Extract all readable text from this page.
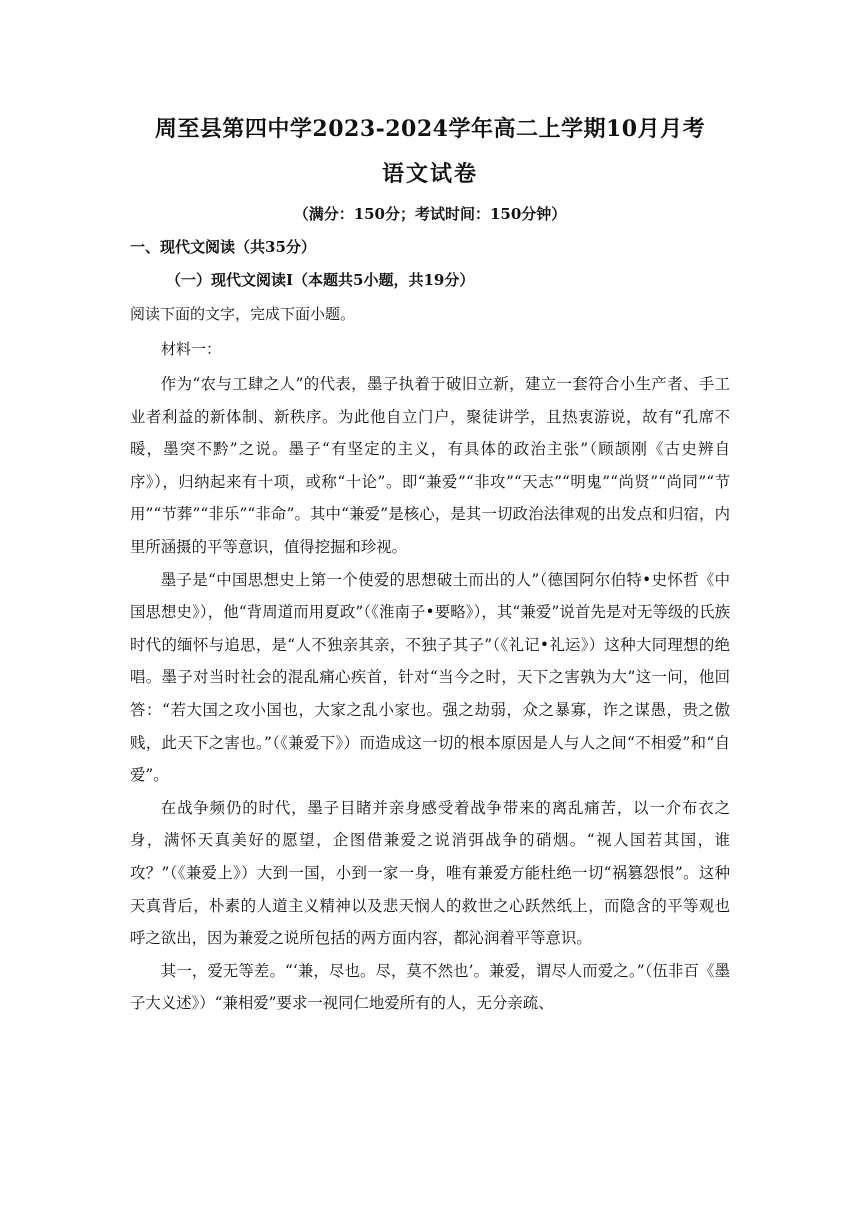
周至县第四中学2023-2024学年高二上学期10月月考
语文试卷
（满分：150分；考试时间：150分钟）
一、现代文阅读（共35分）
（一）现代文阅读Ⅰ（本题共5小题，共19分）
阅读下面的文字，完成下面小题。
材料一：

作为“农与工肆之人”的代表，墨子执着于破旧立新，建立一套符合小生产者、手工业者利益的新体制、新秩序。为此他自立门户，聚徒讲学，且热衷游说，故有“孔席不暖，墨突不黔”之说。墨子“有坚定的主义，有具体的政治主张”（顾颉刚《古史辨自序》），归纳起来有十项，或称“十论”。即“兼爱”“非攻”“天志”“明鬼”“尚贤”“尚同”“节用”“节葬”“非乐”“非命”。其中“兼爱”是核心，是其一切政治法律观的出发点和归宿，内里所涵摄的平等意识，值得挖掘和珍视。

墨子是“中国思想史上第一个使爱的思想破土而出的人”（德国阿尔伯特•史怀哲《中国思想史》），他“背周道而用夏政”（《淮南子•要略》），其“兼爱”说首先是对无等级的氏族时代的缅怀与追思，是“人不独亲其亲，不独子其子”（《礼记•礼运》）这种大同理想的绝唱。墨子对当时社会的混乱痛心疾首，针对“当今之时，天下之害孰为大”这一问，他回答：“若大国之攻小国也，大家之乱小家也。强之劫弱，众之暴寡，诈之谋愚，贵之傲贱，此天下之害也。”（《兼爱下》）而造成这一切的根本原因是人与人之间“不相爱”和“自爱”。

在战争频仍的时代，墨子目睹并亲身感受着战争带来的离乱痛苦，以一介布衣之身，满怀天真美好的愿望，企图借兼爱之说消弭战争的硝烟。“视人国若其国，谁攻？”（《兼爱上》）大到一国，小到一家一身，唯有兼爱方能杜绝一切“祸篡怨恨”。这种天真背后，朴素的人道主义精神以及悲天悯人的救世之心跃然纸上，而隐含的平等观也呼之欲出，因为兼爱之说所包括的两方面内容，都沁润着平等意识。

其一，爱无等差。“‘兼，尽也。尽，莫不然也’。兼爱，谓尽人而爱之。”（伍非百《墨子大义述》）“兼相爱”要求一视同仁地爱所有的人，无分亲疏、
